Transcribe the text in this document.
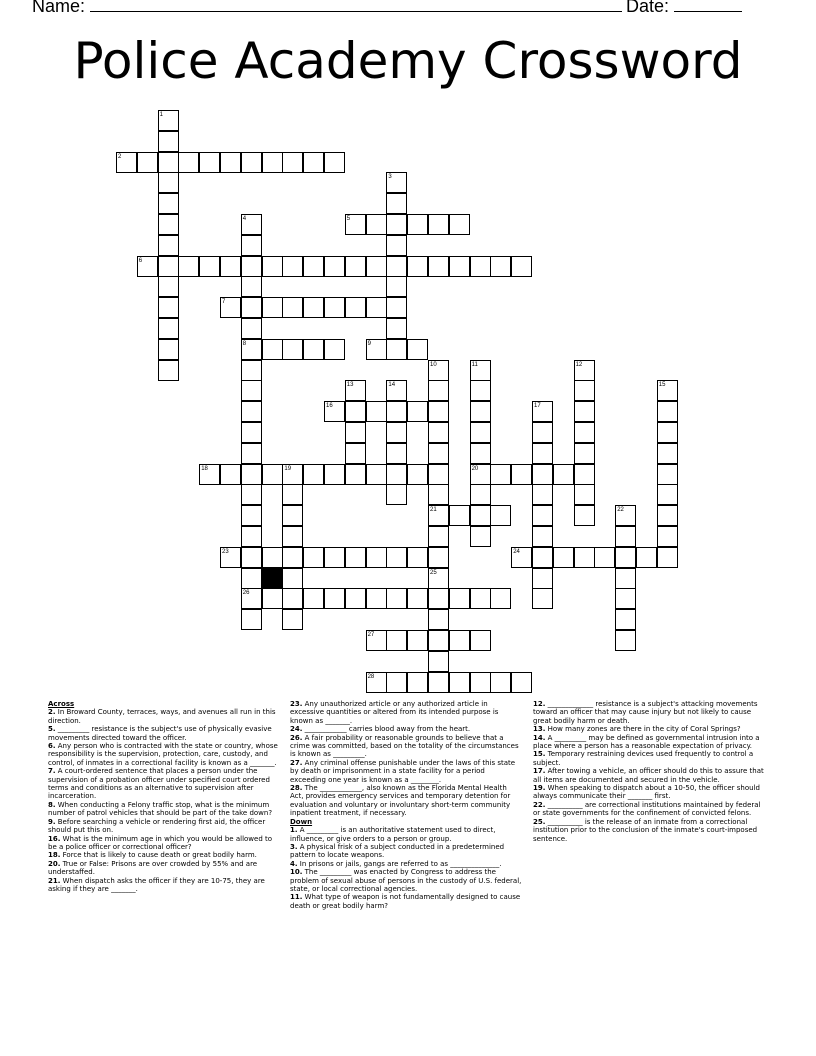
Name:	Date:
Police Academy Crossword
1
2
3
4	5
6
7
8	9
10	11	12
13	14	15
16	17
18	19	20
21	22
23	24
25
26
27
28

Across

2. In Broward County, terraces, ways, and avenues all run in this direction.

5. _________ resistance is the subject's use of physically evasive movements directed toward the officer.

6. Any person who is contracted with the state or country, whose responsibility is the supervision, protection, care, custody, and control, of inmates in a correctional facility is known as a _______.

7. A court-ordered sentence that places a person under the supervision of a probation officer under specified court ordered terms and conditions as an alternative to supervision after incarceration.

8. When conducting a Felony traffic stop, what is the minimum number of patrol vehicles that should be part of the take down?

9. Before searching a vehicle or rendering first aid, the officer should put this on.

16. What is the minimum age in which you would be allowed to be a police officer or correctional officer?

18. Force that is likely to cause death or great bodily harm.

20. True or False: Prisons are over crowded by 55% and are understaffed.

21. When dispatch asks the officer if they are 10-75, they are asking if they are _______.

23. Any unauthorized article or any authorized article in excessive quantities or altered from its intended purpose is known as _______.

24. ____________ carries blood away from the heart.

26. A fair probability or reasonable grounds to believe that a crime was committed, based on the totality of the circumstances is known as _________.

27. Any criminal offense punishable under the laws of this state by death or imprisonment in a state facility for a period exceeding one year is known as a ________.

28. The ____________, also known as the Florida Mental Health Act, provides emergency services and temporary detention for evaluation and voluntary or involuntary short-term community inpatient treatment, if necessary.

Down

1. A _________ is an authoritative statement used to direct, influence, or give orders to a person or group.

3. A physical frisk of a subject conducted in a predetermined pattern to locate weapons.

4. In prisons or jails, gangs are referred to as ______________.

10. The _________ was enacted by Congress to address the problem of sexual abuse of persons in the custody of U.S. federal, state, or local correctional agencies.

11. What type of weapon is not fundamentally designed to cause death or great bodily harm?

12. _____________ resistance is a subject's attacking movements toward an officer that may cause injury but not likely to cause great bodily harm or death.

13. How many zones are there in the city of Coral Springs?

14. A _________ may be defined as governmental intrusion into a place where a person has a reasonable expectation of privacy.

15. Temporary restraining devices used frequently to control a subject.

17. After towing a vehicle, an officer should do this to assure that all items are documented and secured in the vehicle.

19. When speaking to dispatch about a 10-50, the officer should always communicate their _______ first.

22. __________ are correctional institutions maintained by federal or state governments for the confinement of convicted felons.

25. __________ is the release of an inmate from a correctional institution prior to the conclusion of the inmate's court-imposed sentence.
